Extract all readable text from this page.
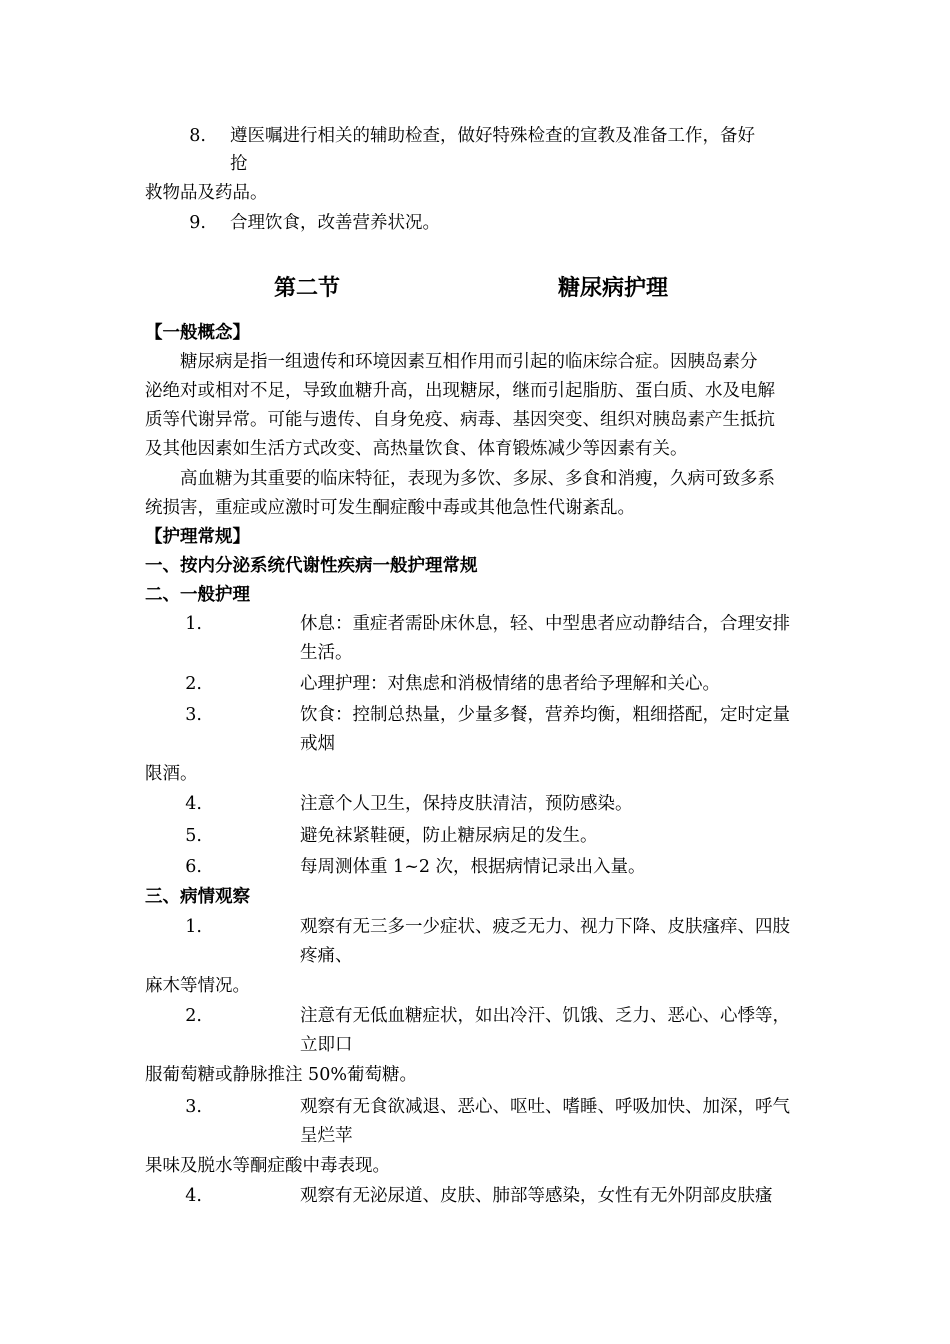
8. 遵医嘱进行相关的辅助检查，做好特殊检查的宣教及准备工作，备好
抢
救物品及药品。
9. 合理饮食，改善营养状况。
第二节	糖尿病护理
【一般概念】
糖尿病是指一组遗传和环境因素互相作用而引起的临床综合症。因胰岛素分
泌绝对或相对不足，导致血糖升高，出现糖尿，继而引起脂肪、蛋白质、水及电解
质等代谢异常。可能与遗传、自身免疫、病毒、基因突变、组织对胰岛素产生抵抗
及其他因素如生活方式改变、高热量饮食、体育锻炼减少等因素有关。
高血糖为其重要的临床特征，表现为多饮、多尿、多食和消瘦，久病可致多系
统损害，重症或应激时可发生酮症酸中毒或其他急性代谢紊乱。
【护理常规】
一、按内分泌系统代谢性疾病一般护理常规
二、一般护理
1.	休息：重症者需卧床休息，轻、中型患者应动静结合，合理安排
生活。
2.	心理护理：对焦虑和消极情绪的患者给予理解和关心。
3.	饮食：控制总热量，少量多餐，营养均衡，粗细搭配，定时定量
戒烟
限酒。
4.	注意个人卫生，保持皮肤清洁，预防感染。
5.	避免袜紧鞋硬，防止糖尿病足的发生。
6.	每周测体重 1~2 次，根据病情记录出入量。
三、病情观察
1.	观察有无三多一少症状、疲乏无力、视力下降、皮肤瘙痒、四肢
疼痛、
麻木等情况。
2.	注意有无低血糖症状，如出冷汗、饥饿、乏力、恶心、心悸等，
立即口
服葡萄糖或静脉推注 50%葡萄糖。
3.	观察有无食欲减退、恶心、呕吐、嗜睡、呼吸加快、加深，呼气
呈烂苹
果味及脱水等酮症酸中毒表现。
4.	观察有无泌尿道、皮肤、肺部等感染，女性有无外阴部皮肤瘙
